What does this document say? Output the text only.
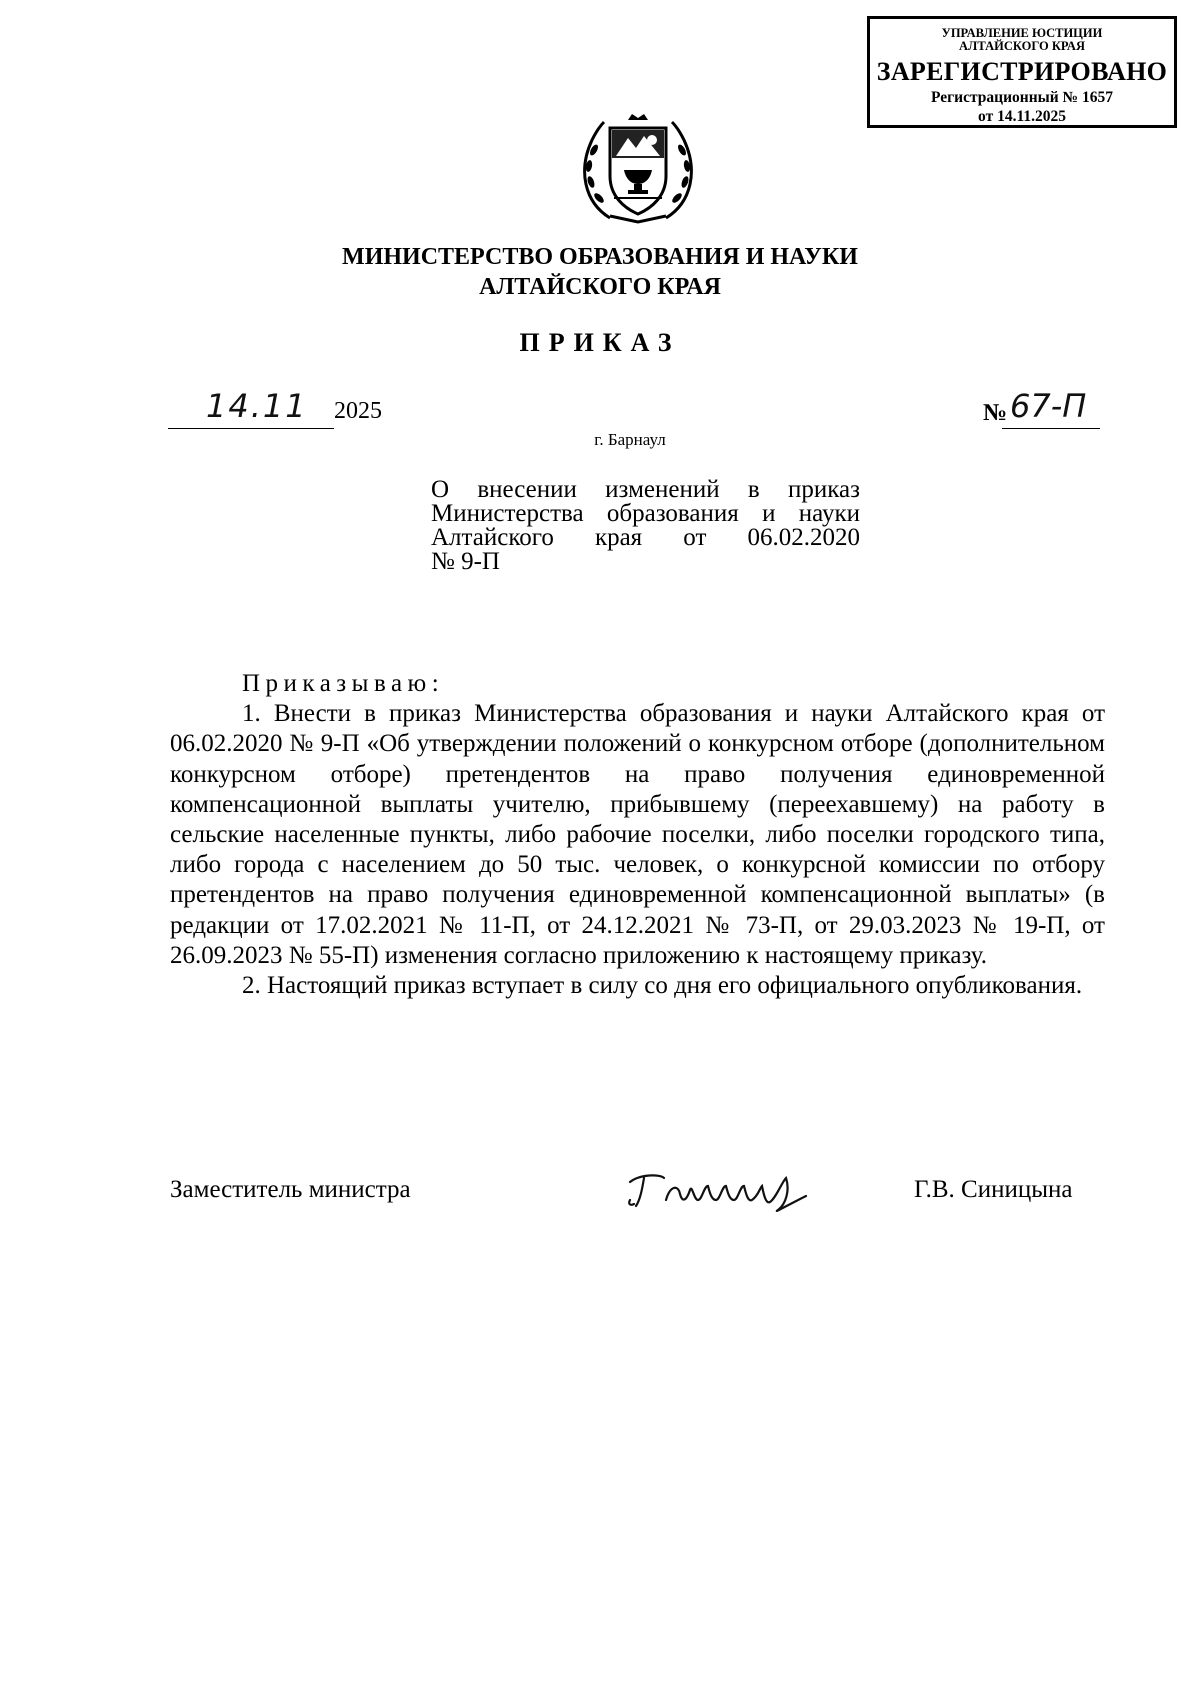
УПРАВЛЕНИЕ ЮСТИЦИИ
АЛТАЙСКОГО КРАЯ
ЗАРЕГИСТРИРОВАНО
Регистрационный № 1657
от 14.11.2025
МИНИСТЕРСТВО ОБРАЗОВАНИЯ И НАУКИ
АЛТАЙСКОГО КРАЯ
ПРИКАЗ
14.11 2025	№ 67-П
г. Барнаул
О внесении изменений в приказ
Министерства образования и науки
Алтайского края от 06.02.2020
№ 9-П
Приказываю:

1. Внести в приказ Министерства образования и науки Алтайского края от 06.02.2020 № 9-П «Об утверждении положений о конкурсном отборе (дополнительном конкурсном отборе) претендентов на право получения единовременной компенсационной выплаты учителю, прибывшему (переехавшему) на работу в сельские населенные пункты, либо рабочие поселки, либо поселки городского типа, либо города с населением до 50 тыс. человек, о конкурсной комиссии по отбору претендентов на право получения единовременной компенсационной выплаты» (в редакции от 17.02.2021 № 11-П, от 24.12.2021 № 73-П, от 29.03.2023 № 19-П, от 26.09.2023 № 55-П) изменения согласно приложению к настоящему приказу.

2. Настоящий приказ вступает в силу со дня его официального опубликования.

Заместитель министра	Г.В. Синицына
